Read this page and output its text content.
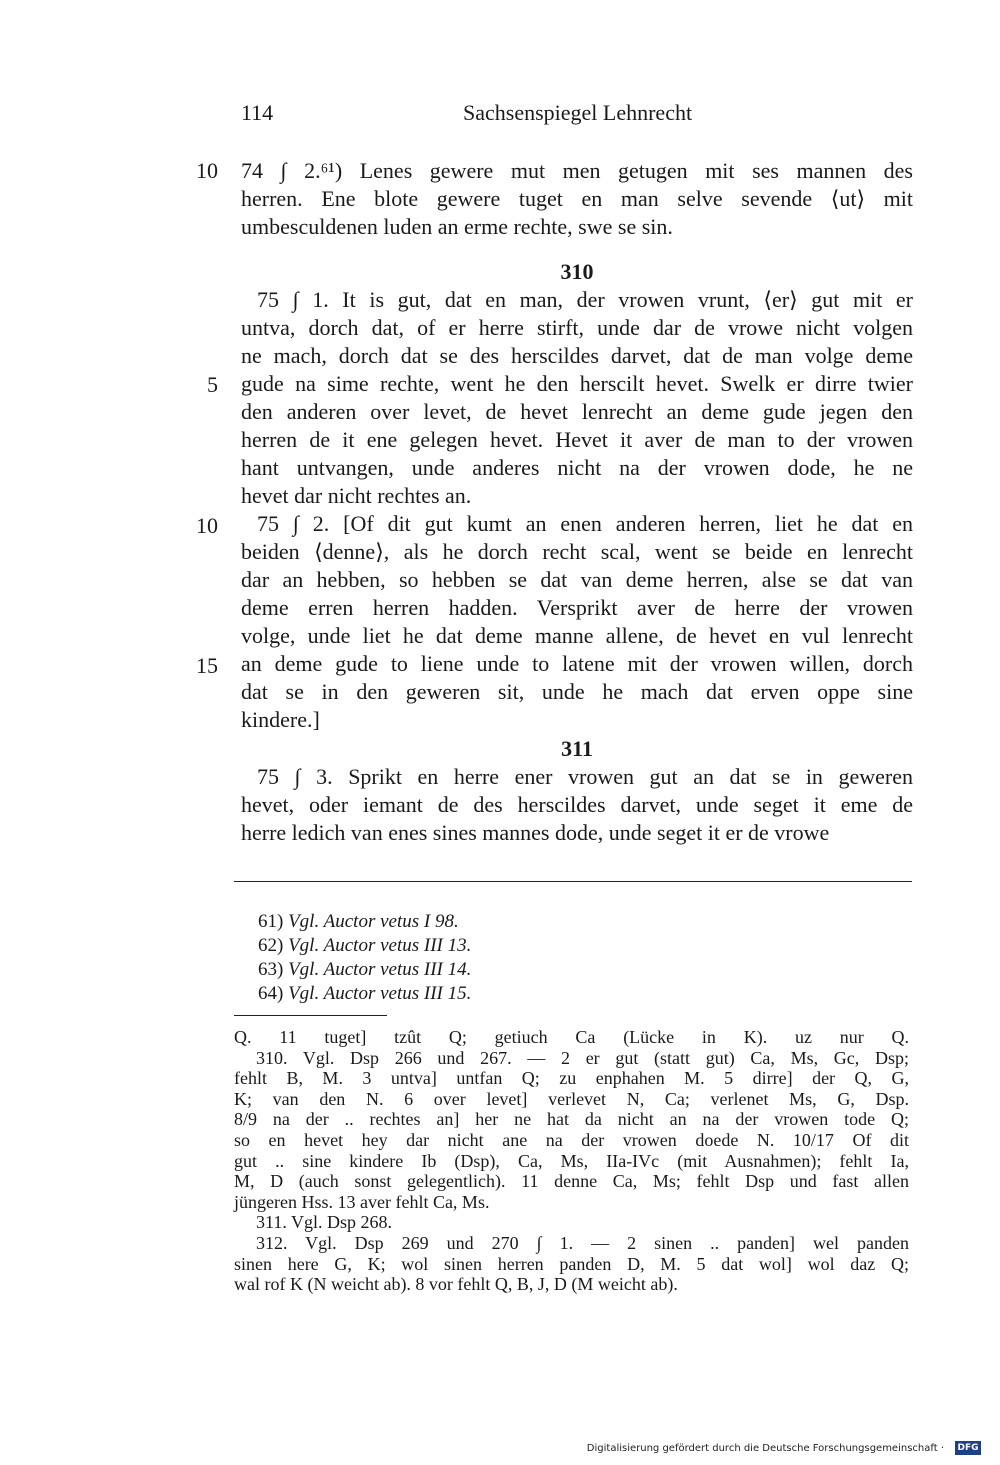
114	Sachsenspiegel Lehnrecht
10
5
10
15
74 ∫ 2.⁶¹) Lenes gewere mut men getugen mit ses mannen des
herren. Ene blote gewere tuget en man selve sevende ⟨ut⟩ mit
umbesculdenen luden an erme rechte, swe se sin.
310
75 ∫ 1. It is gut, dat en man, der vrowen vrunt, ⟨er⟩ gut mit er
untva, dorch dat, of er herre stirft, unde dar de vrowe nicht volgen
ne mach, dorch dat se des herscildes darvet, dat de man volge deme
gude na sime rechte, went he den herscilt hevet. Swelk er dirre twier
den anderen over levet, de hevet lenrecht an deme gude jegen den
herren de it ene gelegen hevet. Hevet it aver de man to der vrowen
hant untvangen, unde anderes nicht na der vrowen dode, he ne
hevet dar nicht rechtes an.
75 ∫ 2. [Of dit gut kumt an enen anderen herren, liet he dat en
beiden ⟨denne⟩, als he dorch recht scal, went se beide en lenrecht
dar an hebben, so hebben se dat van deme herren, alse se dat van
deme erren herren hadden. Versprikt aver de herre der vrowen
volge, unde liet he dat deme manne allene, de hevet en vul lenrecht
an deme gude to liene unde to latene mit der vrowen willen, dorch
dat se in den geweren sit, unde he mach dat erven oppe sine
kindere.]
311
75 ∫ 3. Sprikt en herre ener vrowen gut an dat se in geweren
hevet, oder iemant de des herscildes darvet, unde seget it eme de
herre ledich van enes sines mannes dode, unde seget it er de vrowe
61) Vgl. Auctor vetus I 98.
62) Vgl. Auctor vetus III 13.
63) Vgl. Auctor vetus III 14.
64) Vgl. Auctor vetus III 15.
Q. 11 tuget] tzût Q; getiuch Ca (Lücke in K). uz nur Q.
310. Vgl. Dsp 266 und 267. — 2 er gut (statt gut) Ca, Ms, Gc, Dsp;
fehlt B, M. 3 untva] untfan Q; zu enphahen M. 5 dirre] der Q, G,
K; van den N. 6 over levet] verlevet N, Ca; verlenet Ms, G, Dsp.
8/9 na der .. rechtes an] her ne hat da nicht an na der vrowen tode Q;
so en hevet hey dar nicht ane na der vrowen doede N. 10/17 Of dit
gut .. sine kindere Ib (Dsp), Ca, Ms, IIa-IVc (mit Ausnahmen); fehlt Ia,
M, D (auch sonst gelegentlich). 11 denne Ca, Ms; fehlt Dsp und fast allen
jüngeren Hss. 13 aver fehlt Ca, Ms.
311. Vgl. Dsp 268.
312. Vgl. Dsp 269 und 270 ∫ 1. — 2 sinen .. panden] wel panden
sinen here G, K; wol sinen herren panden D, M. 5 dat wol] wol daz Q;
wal rof K (N weicht ab). 8 vor fehlt Q, B, J, D (M weicht ab).
Digitalisierung gefördert durch die Deutsche Forschungsgemeinschaft · DFG
